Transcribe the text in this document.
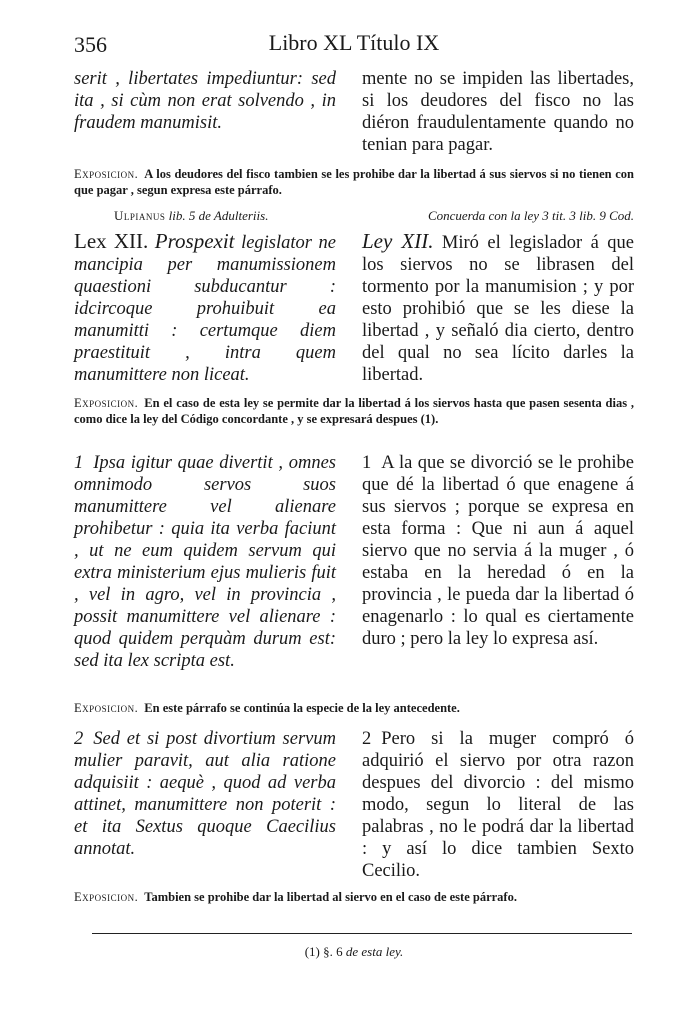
356	Libro XL Título IX
serit , libertates impediuntur: sed ita , si cùm non erat solvendo , in fraudem manumisit.
mente no se impiden las libertades, si los deudores del fisco no las diéron fraudulentamente quando no tenian para pagar.
Exposicion. A los deudores del fisco tambien se les prohibe dar la libertad á sus siervos si no tienen con que pagar , segun expresa este párrafo.
Ulpianus lib. 5 de Adulteriis.	Concuerda con la ley 3 tit. 3 lib. 9 Cod.
Lex XII. Prospexit legislator ne mancipia per manumissionem quaestioni subducantur : idcircoque prohuibuit ea manumitti : certumque diem praestituit , intra quem manumittere non liceat.
Ley XII. Miró el legislador á que los siervos no se librasen del tormento por la manumision ; y por esto prohibió que se les diese la libertad , y señaló dia cierto, dentro del qual no sea lícito darles la libertad.
Exposicion. En el caso de esta ley se permite dar la libertad á los siervos hasta que pasen sesenta dias , como dice la ley del Código concordante , y se expresará despues (1).
1 Ipsa igitur quae divertit , omnes omnimodo servos suos manumittere vel alienare prohibetur : quia ita verba faciunt , ut ne eum quidem servum qui extra ministerium ejus mulieris fuit , vel in agro, vel in provincia , possit manumittere vel alienare : quod quidem perquàm durum est: sed ita lex scripta est.
1 A la que se divorció se le prohibe que dé la libertad ó que enagene á sus siervos ; porque se expresa en esta forma : Que ni aun á aquel siervo que no servia á la muger , ó estaba en la heredad ó en la provincia , le pueda dar la libertad ó enagenarlo : lo qual es ciertamente duro ; pero la ley lo expresa así.
Exposicion. En este párrafo se continúa la especie de la ley antecedente.
2 Sed et si post divortium servum mulier paravit, aut alia ratione adquisiit : aequè , quod ad verba attinet, manumittere non poterit : et ita Sextus quoque Caecilius annotat.
2 Pero si la muger compró ó adquirió el siervo por otra razon despues del divorcio : del mismo modo, segun lo literal de las palabras , no le podrá dar la libertad : y así lo dice tambien Sexto Cecilio.
Exposicion. Tambien se prohibe dar la libertad al siervo en el caso de este párrafo.
(1) §. 6 de esta ley.
